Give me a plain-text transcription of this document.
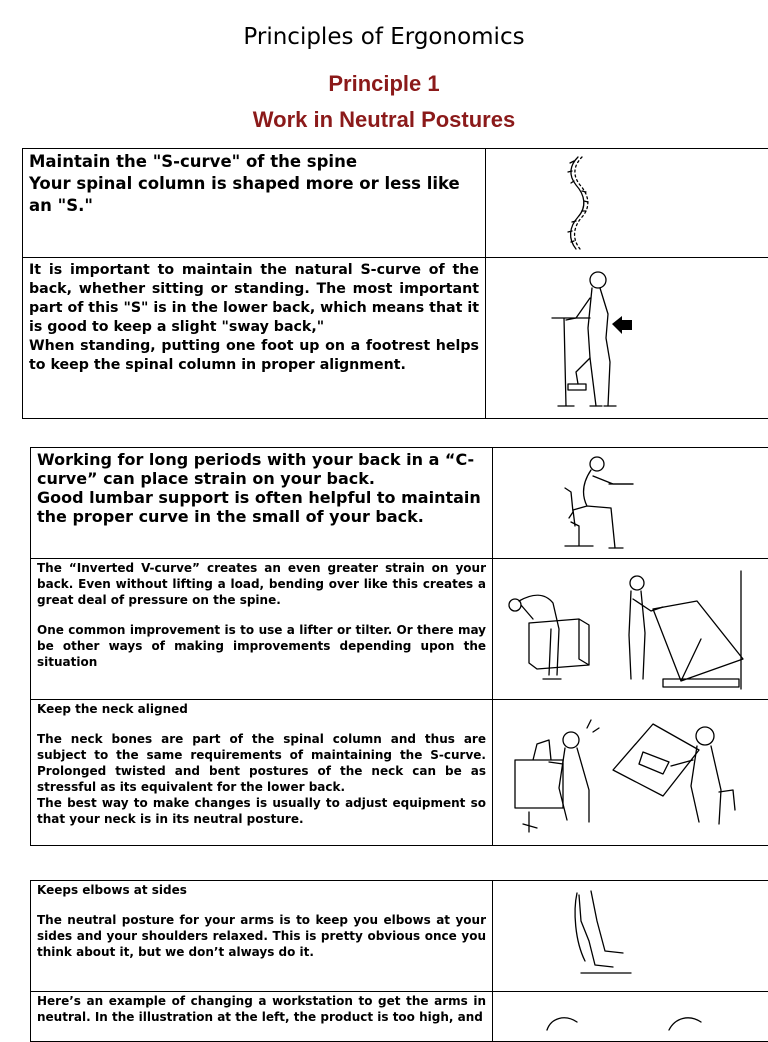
Principles of Ergonomics
Principle 1
Work in Neutral Postures
Maintain the "S-curve" of the spine
Your spinal column is shaped more or less like an "S."

It is important to maintain the natural S-curve of the back, whether sitting or standing. The most important part of this "S" is in the lower back, which means that it is good to keep a slight "sway back,"

When standing, putting one foot up on a footrest helps to keep the spinal column in proper alignment.

Working for long periods with your back in a “C-curve” can place strain on your back.
Good lumbar support is often helpful to maintain the proper curve in the small of your back.

The “Inverted V-curve” creates an even greater strain on your back. Even without lifting a load, bending over like this creates a great deal of pressure on the spine.

One common improvement is to use a lifter or tilter. Or there may be other ways of making improvements depending upon the situation

Keep the neck aligned

The neck bones are part of the spinal column and thus are subject to the same requirements of maintaining the S-curve. Prolonged twisted and bent postures of the neck can be as stressful as its equivalent for the lower back.
The best way to make changes is usually to adjust equipment so that your neck is in its neutral posture.

Keeps elbows at sides

The neutral posture for your arms is to keep you elbows at your sides and your shoulders relaxed. This is pretty obvious once you think about it, but we don’t always do it.

Here’s an example of changing a workstation to get the arms in neutral. In the illustration at the left, the product is too high, and
